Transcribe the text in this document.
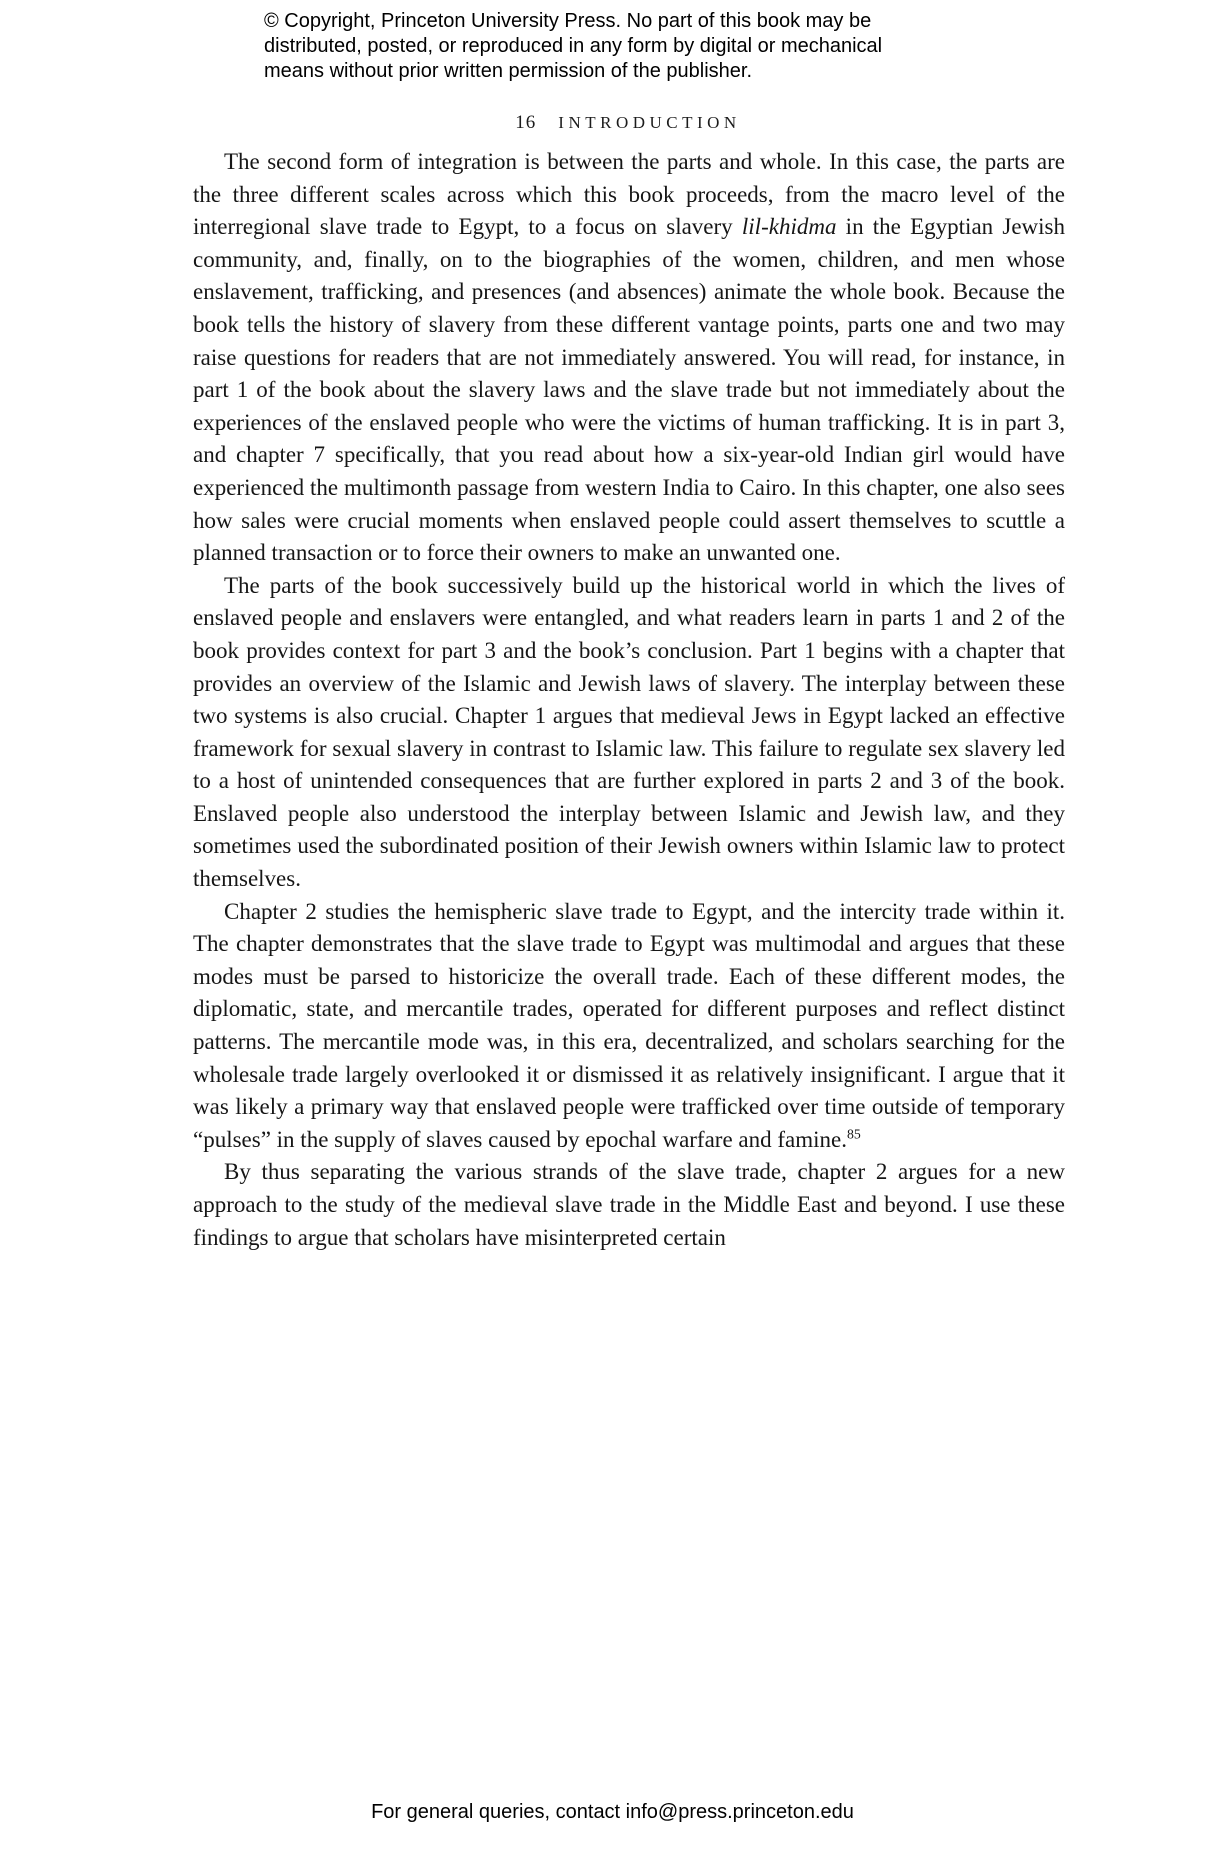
© Copyright, Princeton University Press. No part of this book may be
distributed, posted, or reproduced in any form by digital or mechanical
means without prior written permission of the publisher.
16 INTRODUCTION

The second form of integration is between the parts and whole. In this case, the parts are the three different scales across which this book proceeds, from the macro level of the interregional slave trade to Egypt, to a focus on slavery lil-khidma in the Egyptian Jewish community, and, finally, on to the biographies of the women, children, and men whose enslavement, trafficking, and presences (and absences) animate the whole book. Because the book tells the history of slavery from these different vantage points, parts one and two may raise questions for readers that are not immediately answered. You will read, for instance, in part 1 of the book about the slavery laws and the slave trade but not immediately about the experiences of the enslaved people who were the victims of human trafficking. It is in part 3, and chapter 7 specifically, that you read about how a six-year-old Indian girl would have experienced the multimonth passage from western India to Cairo. In this chapter, one also sees how sales were crucial moments when enslaved people could assert themselves to scuttle a planned transaction or to force their owners to make an unwanted one.

The parts of the book successively build up the historical world in which the lives of enslaved people and enslavers were entangled, and what readers learn in parts 1 and 2 of the book provides context for part 3 and the book’s conclusion. Part 1 begins with a chapter that provides an overview of the Islamic and Jewish laws of slavery. The interplay between these two systems is also crucial. Chapter 1 argues that medieval Jews in Egypt lacked an effective framework for sexual slavery in contrast to Islamic law. This failure to regulate sex slavery led to a host of unintended consequences that are further explored in parts 2 and 3 of the book. Enslaved people also understood the interplay between Islamic and Jewish law, and they sometimes used the subordinated position of their Jewish owners within Islamic law to protect themselves.

Chapter 2 studies the hemispheric slave trade to Egypt, and the intercity trade within it. The chapter demonstrates that the slave trade to Egypt was multimodal and argues that these modes must be parsed to historicize the overall trade. Each of these different modes, the diplomatic, state, and mercantile trades, operated for different purposes and reflect distinct patterns. The mercantile mode was, in this era, decentralized, and scholars searching for the wholesale trade largely overlooked it or dismissed it as relatively insignificant. I argue that it was likely a primary way that enslaved people were trafficked over time outside of temporary “pulses” in the supply of slaves caused by epochal warfare and famine.$^{85}$

By thus separating the various strands of the slave trade, chapter 2 argues for a new approach to the study of the medieval slave trade in the Middle East and beyond. I use these findings to argue that scholars have misinterpreted certain

For general queries, contact info@press.princeton.edu
